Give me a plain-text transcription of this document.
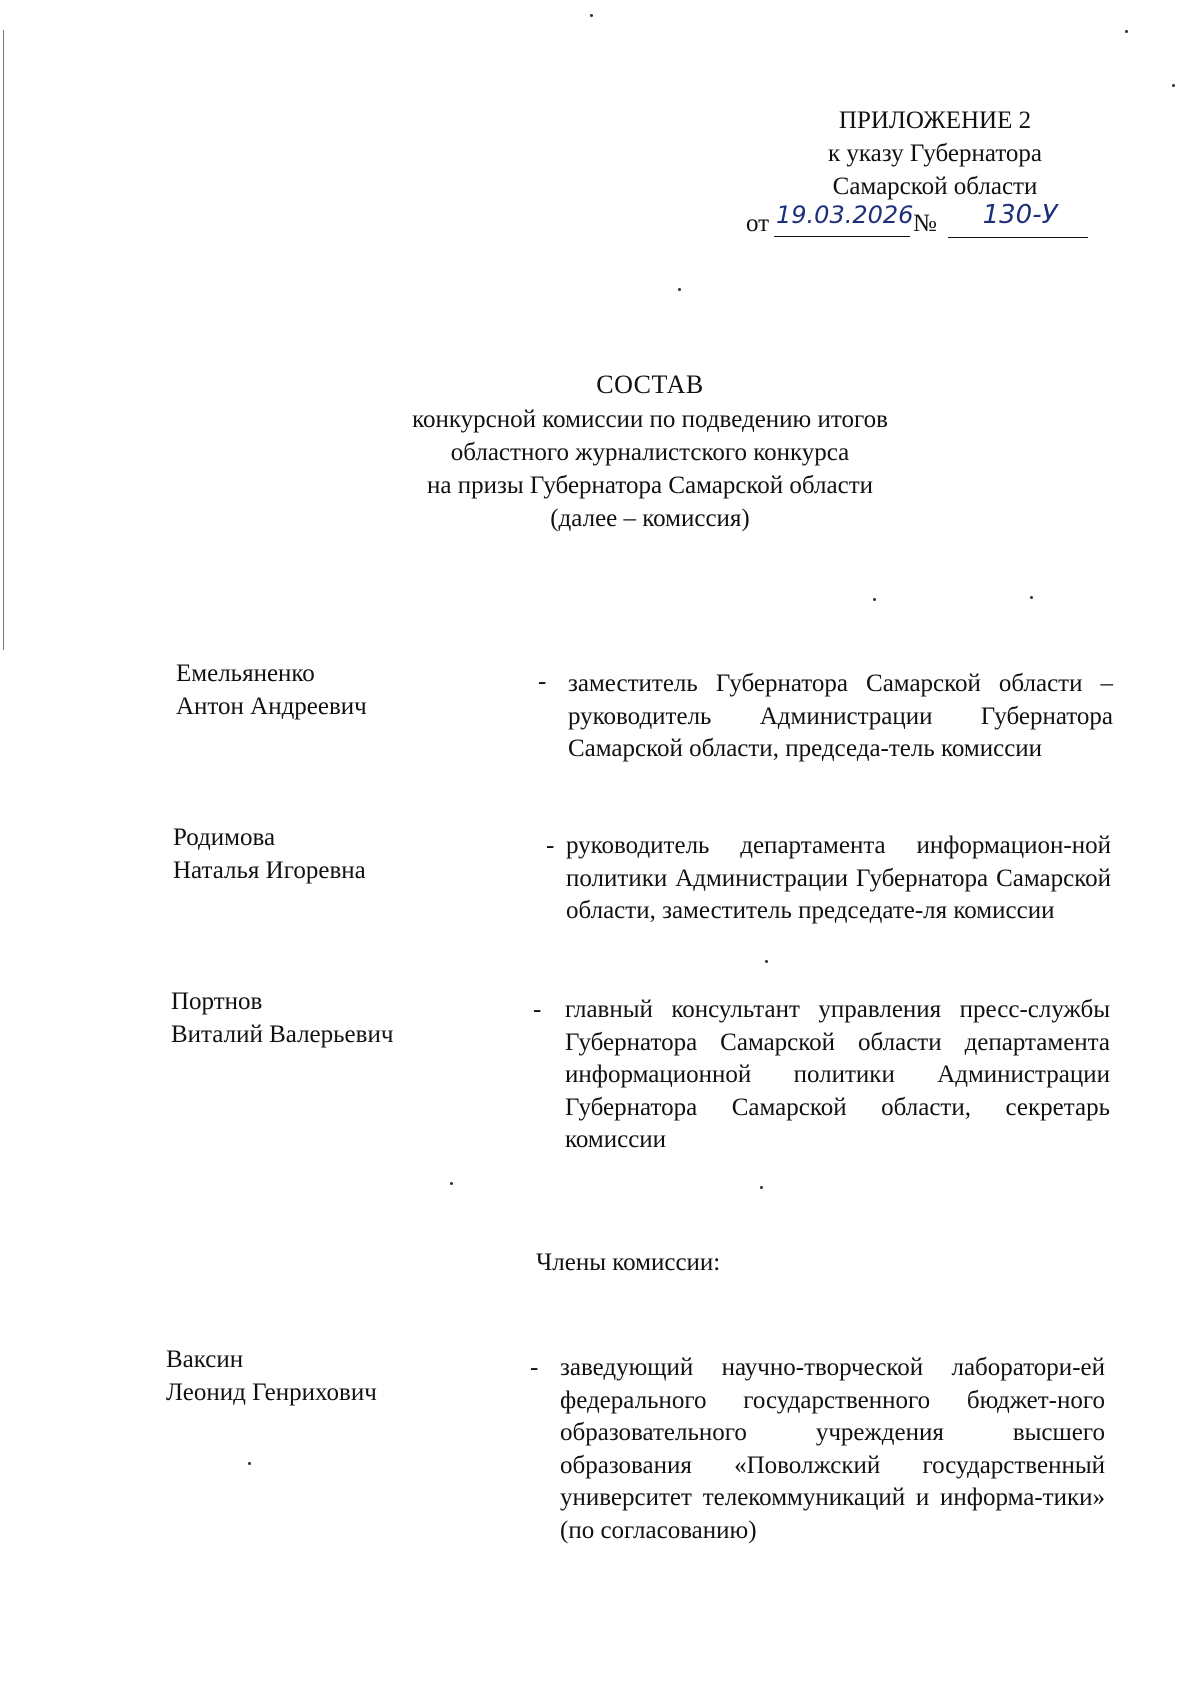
ПРИЛОЖЕНИЕ 2
к указу Губернатора
Самарской области
от 19.03.2026 №	130-У
СОСТАВ
конкурсной комиссии по подведению итогов
областного журналистского конкурса
на призы Губернатора Самарской области
(далее – комиссия)
Емельяненко
Антон Андреевич
- заместитель Губернатора Самарской области – руководитель Администрации Губернатора Самарской области, председа-тель комиссии
Родимова
Наталья Игоревна
- руководитель департамента информацион-ной политики Администрации Губернатора Самарской области, заместитель председате-ля комиссии
Портнов
Виталий Валерьевич
- главный консультант управления пресс-службы Губернатора Самарской области департамента информационной политики Администрации Губернатора Самарской области, секретарь комиссии
Члены комиссии:
Ваксин
Леонид Генрихович
- заведующий научно-творческой лаборатори-ей федерального государственного бюджет-ного образовательного учреждения высшего образования «Поволжский государственный университет телекоммуникаций и информа-тики» (по согласованию)
